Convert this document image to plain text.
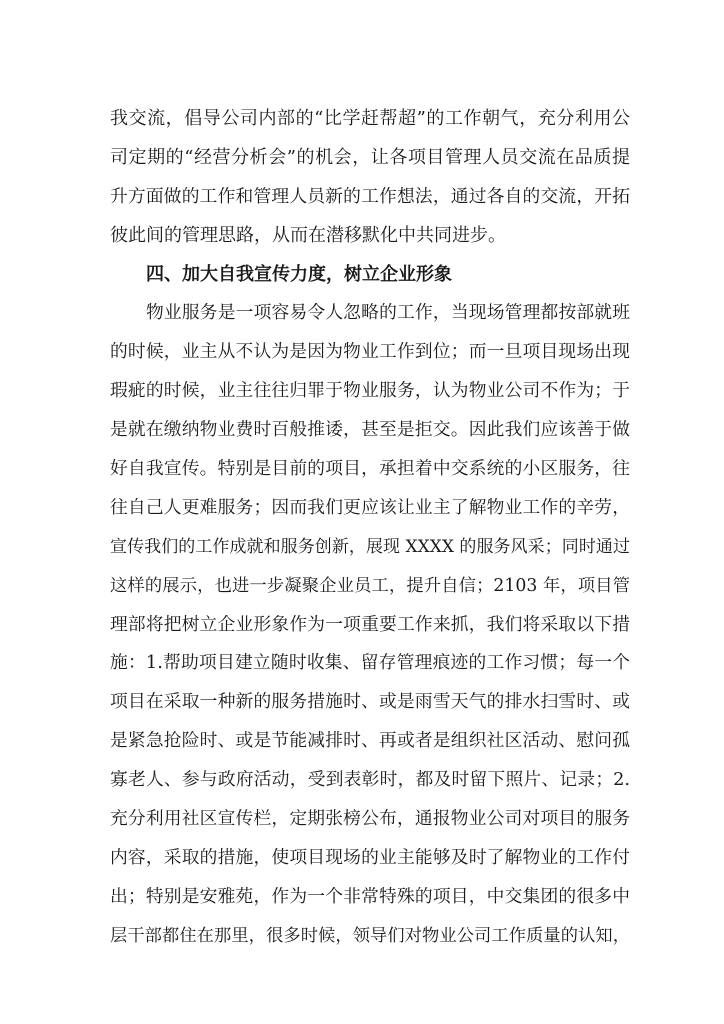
我交流，倡导公司内部的“比学赶帮超”的工作朝气，充分利用公
司定期的“经营分析会”的机会，让各项目管理人员交流在品质提
升方面做的工作和管理人员新的工作想法，通过各自的交流，开拓
彼此间的管理思路，从而在潜移默化中共同进步。
四、加大自我宣传力度，树立企业形象
物业服务是一项容易令人忽略的工作，当现场管理都按部就班
的时候，业主从不认为是因为物业工作到位；而一旦项目现场出现
瑕疵的时候，业主往往归罪于物业服务，认为物业公司不作为；于
是就在缴纳物业费时百般推诿，甚至是拒交。因此我们应该善于做
好自我宣传。特别是目前的项目，承担着中交系统的小区服务，往
往自己人更难服务；因而我们更应该让业主了解物业工作的辛劳，
宣传我们的工作成就和服务创新，展现 XXXX 的服务风采；同时通过
这样的展示，也进一步凝聚企业员工，提升自信；2103 年，项目管
理部将把树立企业形象作为一项重要工作来抓，我们将采取以下措
施：1.帮助项目建立随时收集、留存管理痕迹的工作习惯；每一个
项目在采取一种新的服务措施时、或是雨雪天气的排水扫雪时、或
是紧急抢险时、或是节能减排时、再或者是组织社区活动、慰问孤
寡老人、参与政府活动，受到表彰时，都及时留下照片、记录；2.
充分利用社区宣传栏，定期张榜公布，通报物业公司对项目的服务
内容，采取的措施，使项目现场的业主能够及时了解物业的工作付
出；特别是安雅苑，作为一个非常特殊的项目，中交集团的很多中
层干部都住在那里，很多时候，领导们对物业公司工作质量的认知，
